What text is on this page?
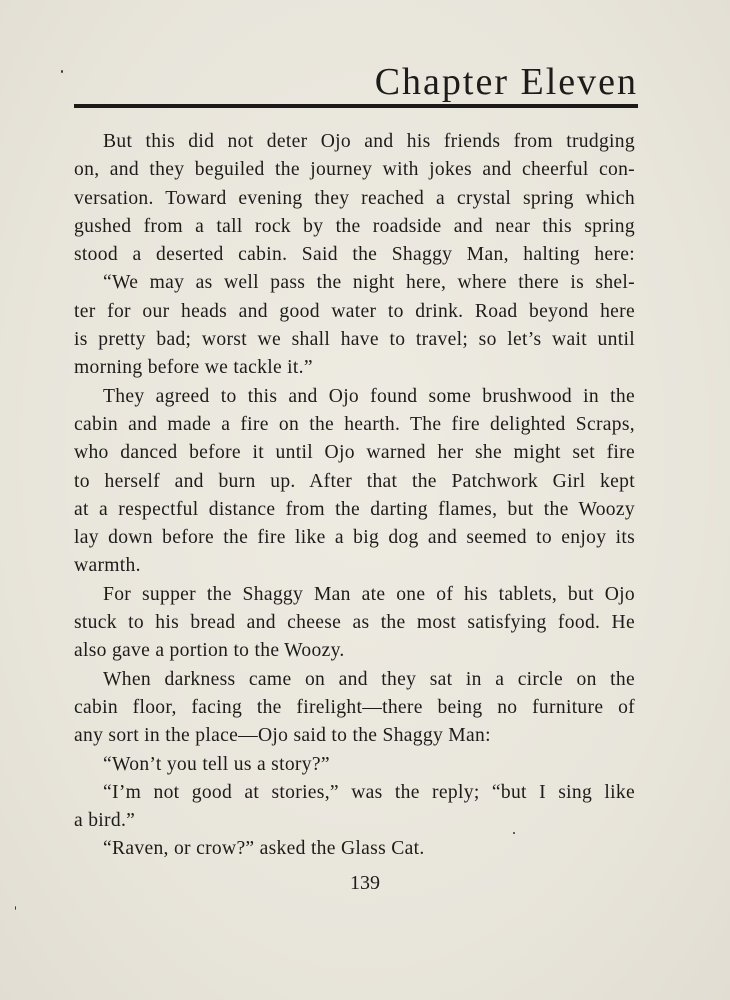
Chapter Eleven
But this did not deter Ojo and his friends from trudging
on, and they beguiled the journey with jokes and cheerful con-
versation. Toward evening they reached a crystal spring which
gushed from a tall rock by the roadside and near this spring
stood a deserted cabin. Said the Shaggy Man, halting here:
“We may as well pass the night here, where there is shel-
ter for our heads and good water to drink. Road beyond here
is pretty bad; worst we shall have to travel; so let’s wait until
morning before we tackle it.”
They agreed to this and Ojo found some brushwood in the
cabin and made a fire on the hearth. The fire delighted Scraps,
who danced before it until Ojo warned her she might set fire
to herself and burn up. After that the Patchwork Girl kept
at a respectful distance from the darting flames, but the Woozy
lay down before the fire like a big dog and seemed to enjoy its
warmth.
For supper the Shaggy Man ate one of his tablets, but Ojo
stuck to his bread and cheese as the most satisfying food. He
also gave a portion to the Woozy.
When darkness came on and they sat in a circle on the
cabin floor, facing the firelight—there being no furniture of
any sort in the place—Ojo said to the Shaggy Man:
“Won’t you tell us a story?”
“I’m not good at stories,” was the reply; “but I sing like
a bird.”
“Raven, or crow?” asked the Glass Cat.

139
